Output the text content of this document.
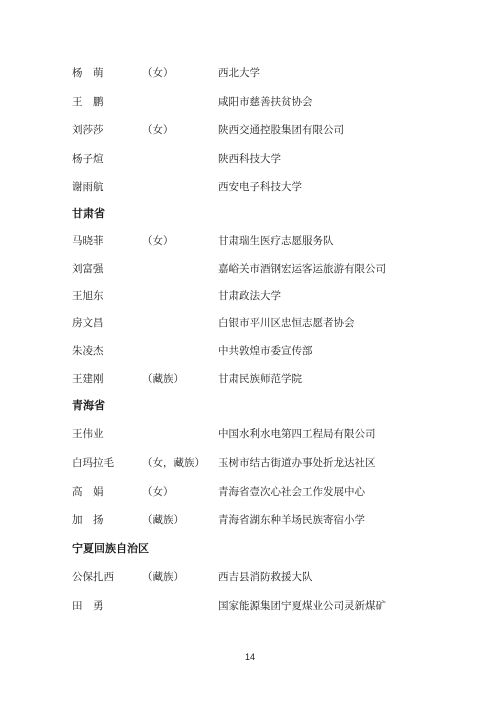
杨　萌	（女）	西北大学
王　鹏	咸阳市慈善扶贫协会
刘莎莎	（女）	陕西交通控股集团有限公司
杨子煊	陕西科技大学
谢雨航	西安电子科技大学
甘肃省
马晓菲	（女）	甘肃瑞生医疗志愿服务队
刘富强	嘉峪关市酒钢宏运客运旅游有限公司
王旭东	甘肃政法大学
房文昌	白银市平川区忠恒志愿者协会
朱凌杰	中共敦煌市委宣传部
王建刚	（藏族）	甘肃民族师范学院
青海省
王伟业	中国水利水电第四工程局有限公司
白玛拉毛	（女，藏族） 玉树市结古街道办事处折龙达社区
高　娟	（女）	青海省壹次心社会工作发展中心
加　扬	（藏族）	青海省湖东种羊场民族寄宿小学
宁夏回族自治区
公保扎西	（藏族）	西吉县消防救援大队
田　勇	国家能源集团宁夏煤业公司灵新煤矿
14
